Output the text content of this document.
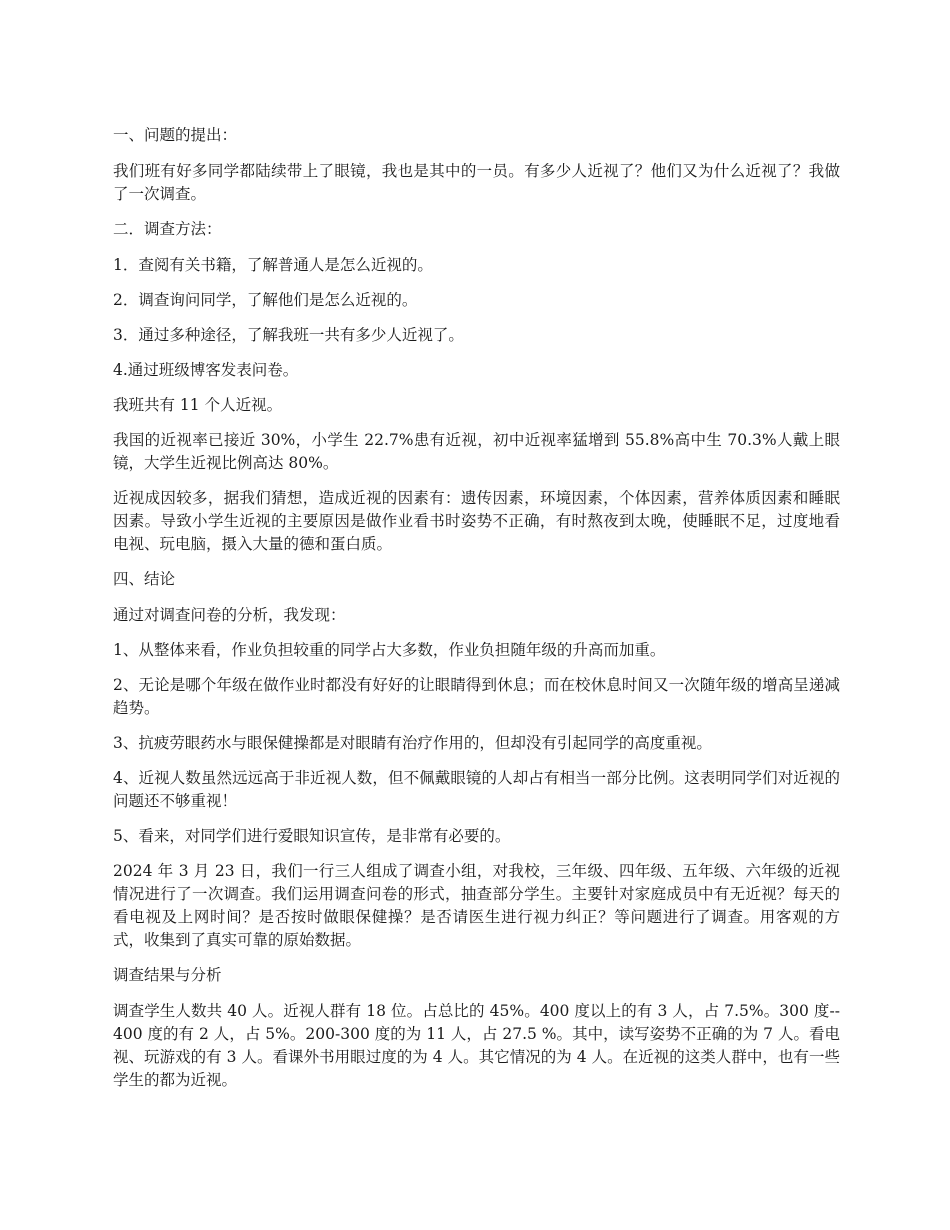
一、问题的提出：

我们班有好多同学都陆续带上了眼镜，我也是其中的一员。有多少人近视了？他们又为什么近视了？我做了一次调查。

二．调查方法：

1．查阅有关书籍，了解普通人是怎么近视的。

2．调查询问同学，了解他们是怎么近视的。

3．通过多种途径，了解我班一共有多少人近视了。

4.通过班级博客发表问卷。

我班共有 11 个人近视。

我国的近视率已接近 30%，小学生 22.7%患有近视，初中近视率猛增到 55.8%高中生 70.3%人戴上眼镜，大学生近视比例高达 80%。

近视成因较多，据我们猜想，造成近视的因素有：遗传因素，环境因素，个体因素，营养体质因素和睡眠因素。导致小学生近视的主要原因是做作业看书时姿势不正确，有时熬夜到太晚，使睡眠不足，过度地看电视、玩电脑，摄入大量的德和蛋白质。

四、结论

通过对调查问卷的分析，我发现：

1、从整体来看，作业负担较重的同学占大多数，作业负担随年级的升高而加重。

2、无论是哪个年级在做作业时都没有好好的让眼睛得到休息；而在校休息时间又一次随年级的增高呈递减趋势。

3、抗疲劳眼药水与眼保健操都是对眼睛有治疗作用的，但却没有引起同学的高度重视。

4、近视人数虽然远远高于非近视人数，但不佩戴眼镜的人却占有相当一部分比例。这表明同学们对近视的问题还不够重视！

5、看来，对同学们进行爱眼知识宣传，是非常有必要的。

2024 年 3 月 23 日，我们一行三人组成了调查小组，对我校，三年级、四年级、五年级、六年级的近视情况进行了一次调查。我们运用调查问卷的形式，抽查部分学生。主要针对家庭成员中有无近视？每天的看电视及上网时间？是否按时做眼保健操？是否请医生进行视力纠正？等问题进行了调查。用客观的方式，收集到了真实可靠的原始数据。

调查结果与分析

调查学生人数共 40 人。近视人群有 18 位。占总比的 45%。400 度以上的有 3 人，占 7.5%。300 度--400 度的有 2 人，占 5%。200-300 度的为 11 人，占 27.5 %。其中，读写姿势不正确的为 7 人。看电视、玩游戏的有 3 人。看课外书用眼过度的为 4 人。其它情况的为 4 人。在近视的这类人群中，也有一些学生的都为近视。
